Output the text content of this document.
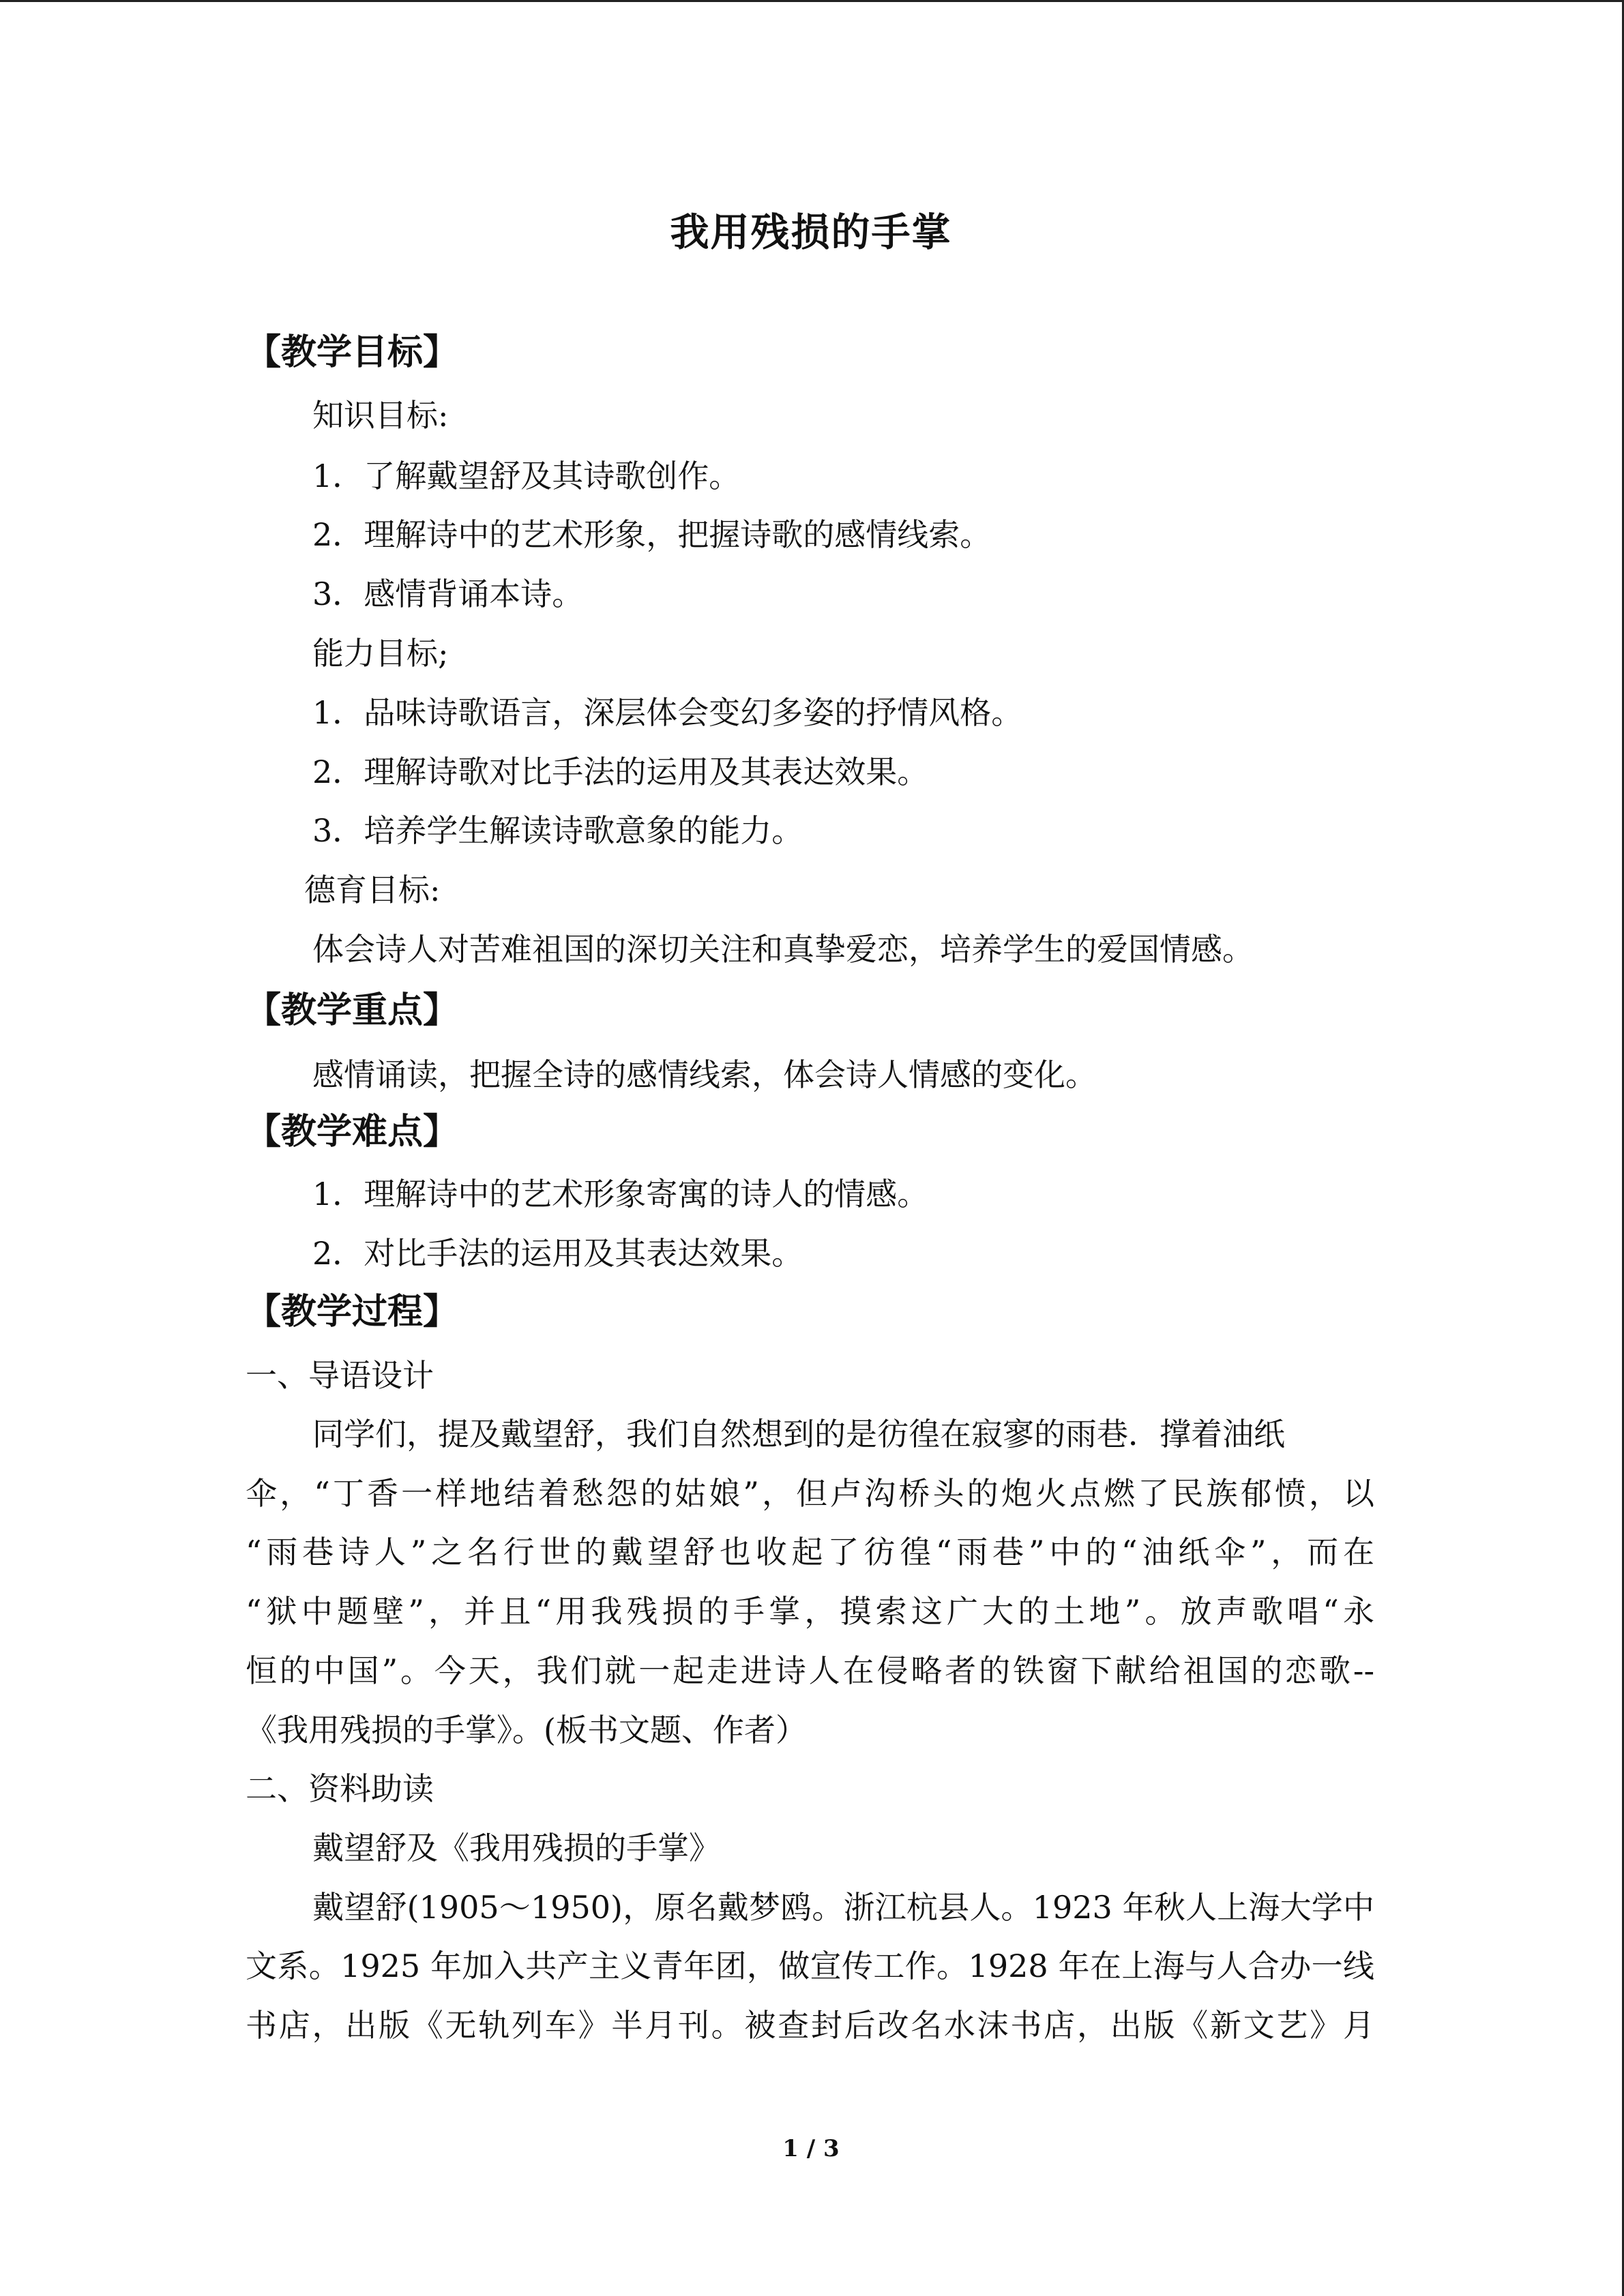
我用残损的手掌
【教学目标】
知识目标:
1．了解戴望舒及其诗歌创作。
2．理解诗中的艺术形象，把握诗歌的感情线索。
3．感情背诵本诗。
能力目标;
1．品味诗歌语言，深层体会变幻多姿的抒情风格。
2．理解诗歌对比手法的运用及其表达效果。
3．培养学生解读诗歌意象的能力。
德育目标:
体会诗人对苦难祖国的深切关注和真挚爱恋，培养学生的爱国情感。
【教学重点】
感情诵读，把握全诗的感情线索，体会诗人情感的变化。
【教学难点】
1．理解诗中的艺术形象寄寓的诗人的情感。
2．对比手法的运用及其表达效果。
【教学过程】
一、导语设计
同学们，提及戴望舒，我们自然想到的是彷徨在寂寥的雨巷．撑着油纸
伞，“丁香一样地结着愁怨的姑娘”，但卢沟桥头的炮火点燃了民族郁愤，以
“雨巷诗人”之名行世的戴望舒也收起了彷徨“雨巷”中的“油纸伞”，而在
“狱中题壁”，并且“用我残损的手掌，摸索这广大的土地”。放声歌唱“永
恒的中国”。今天，我们就一起走进诗人在侵略者的铁窗下献给祖国的恋歌--
《我用残损的手掌》。(板书文题、作者）
二、资料助读
戴望舒及《我用残损的手掌》
戴望舒(1905～1950)，原名戴梦鸥。浙江杭县人。1923 年秋人上海大学中
文系。1925 年加入共产主义青年团，做宣传工作。1928 年在上海与人合办一线
书店，出版《无轨列车》半月刊。被查封后改名水沫书店，出版《新文艺》月
1 / 3
